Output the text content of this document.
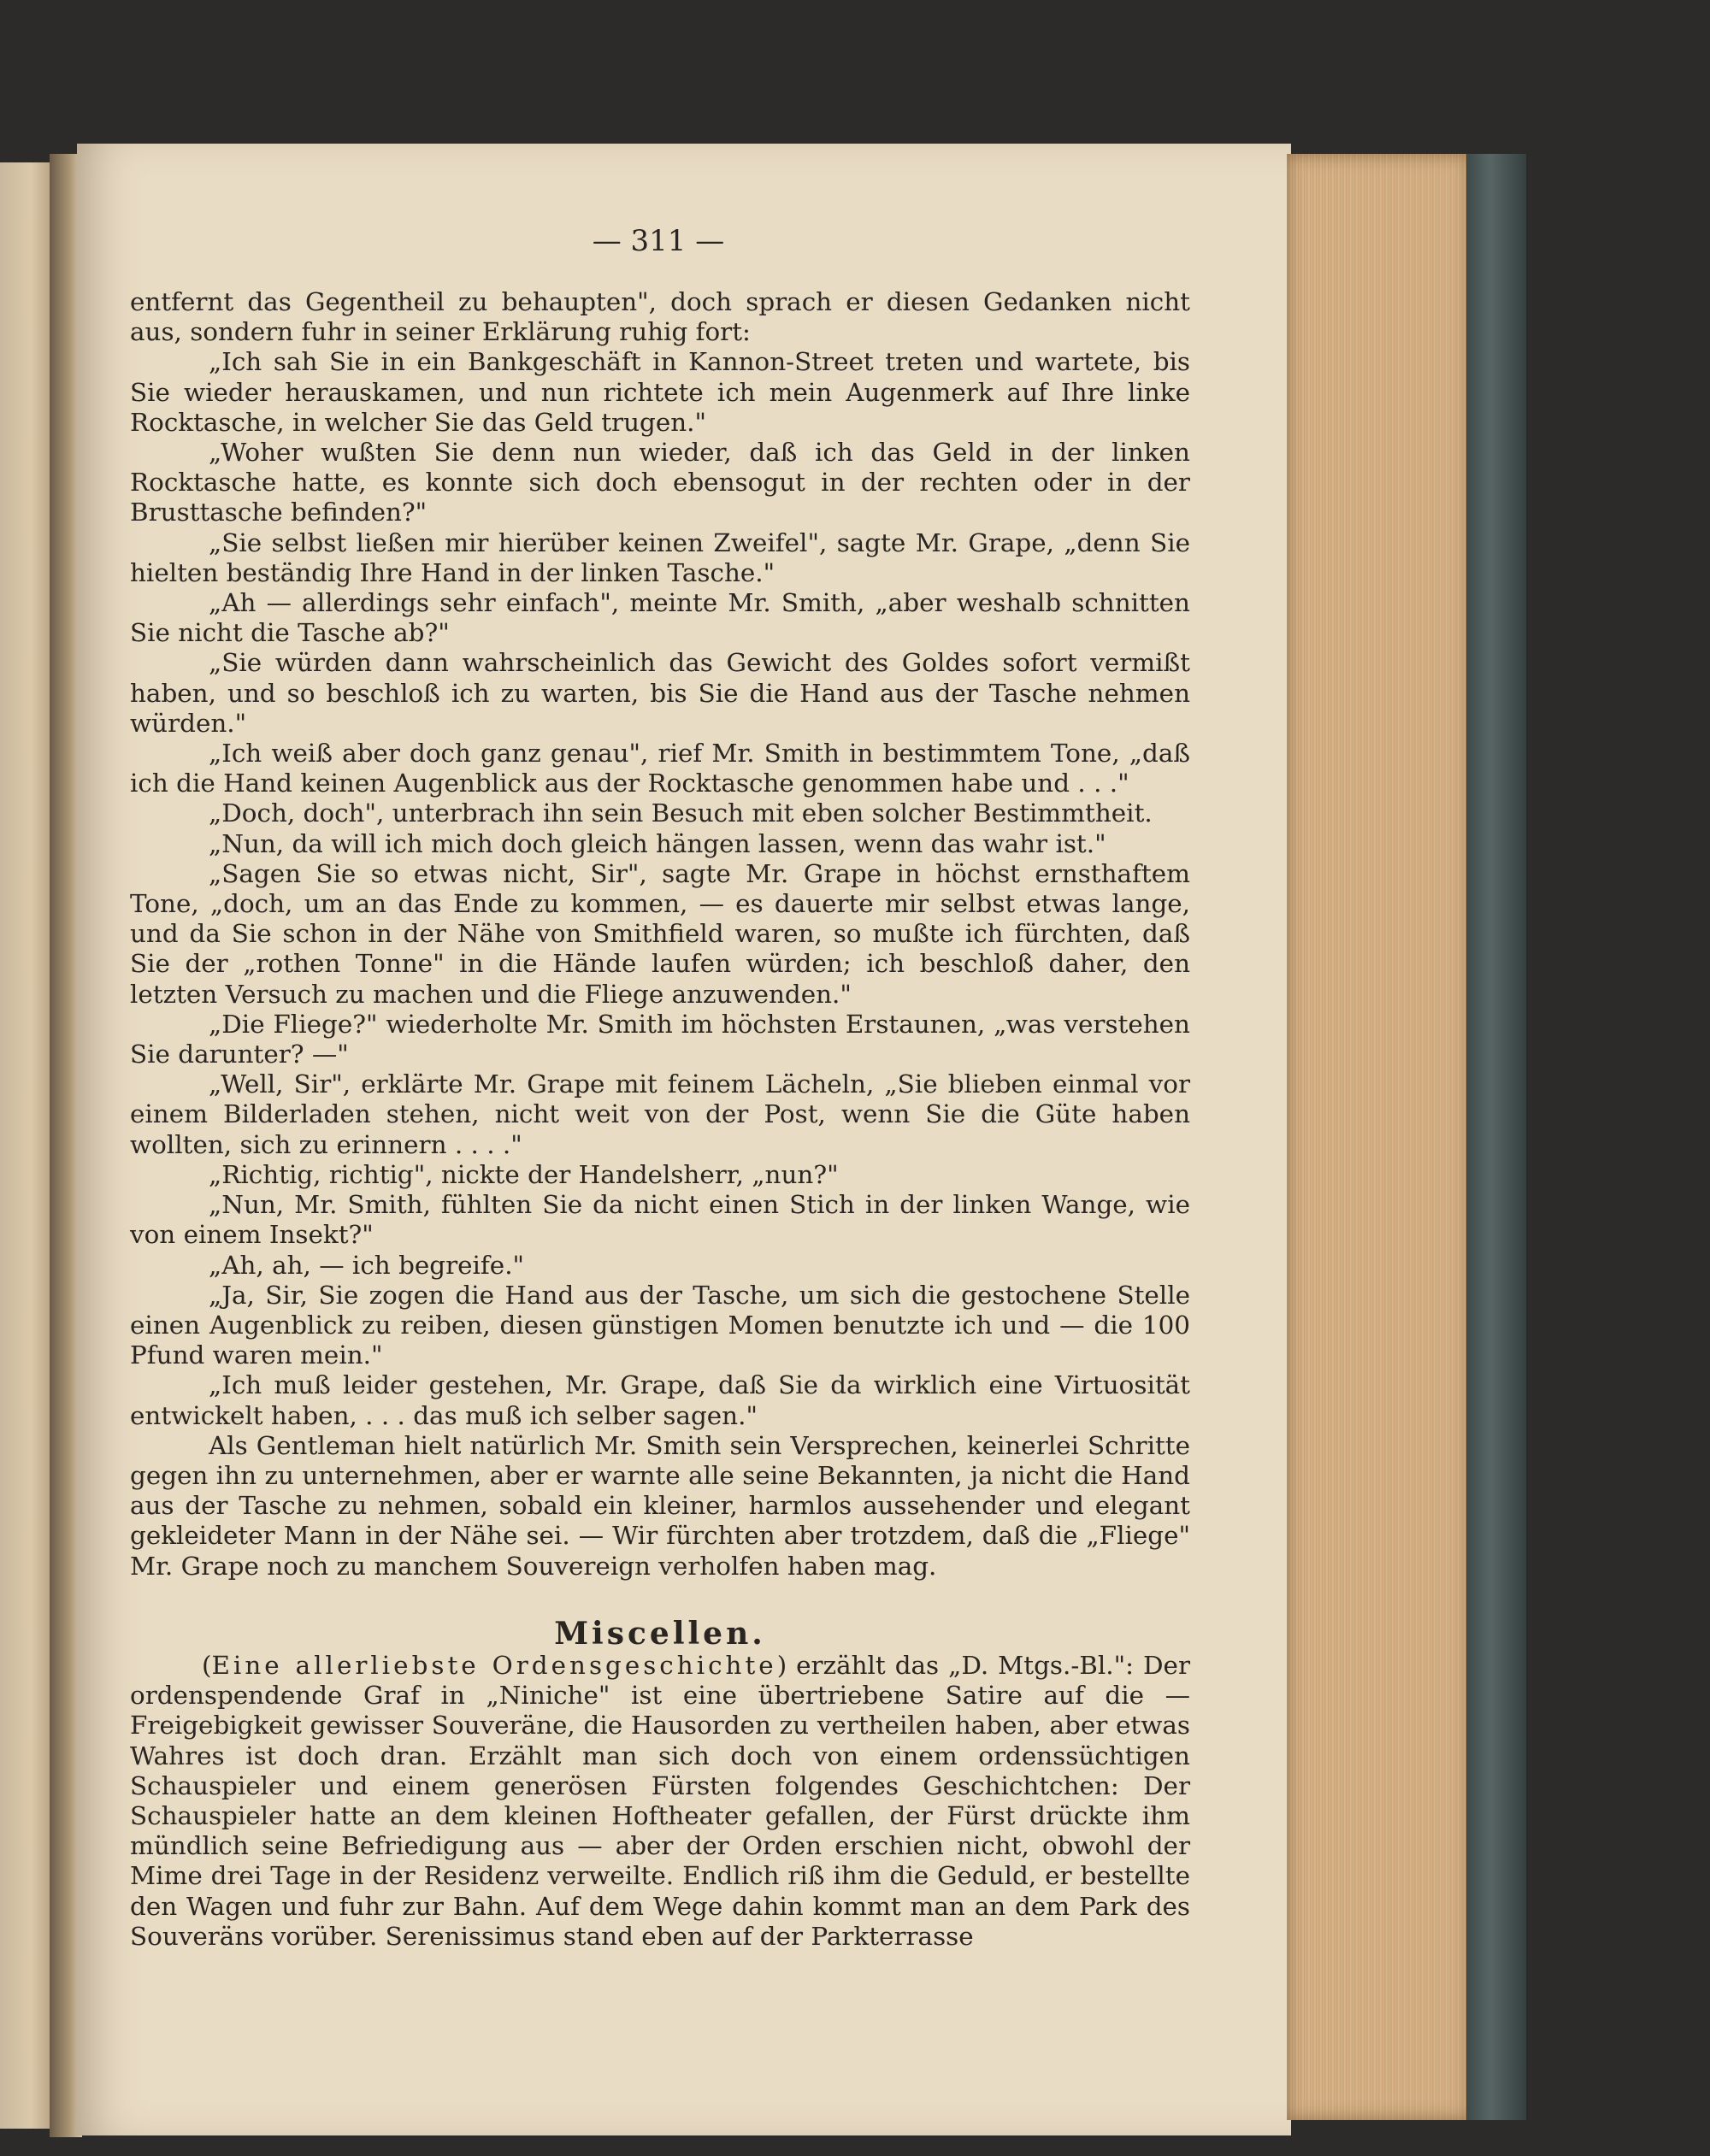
— 311 —

entfernt das Gegentheil zu behaupten", doch sprach er diesen Gedanken nicht aus, sondern fuhr in seiner Erklärung ruhig fort:

„Ich sah Sie in ein Bankgeschäft in Kannon-Street treten und wartete, bis Sie wieder herauskamen, und nun richtete ich mein Augenmerk auf Ihre linke Rocktasche, in welcher Sie das Geld trugen."

„Woher wußten Sie denn nun wieder, daß ich das Geld in der linken Rocktasche hatte, es konnte sich doch ebensogut in der rechten oder in der Brusttasche befinden?"

„Sie selbst ließen mir hierüber keinen Zweifel", sagte Mr. Grape, „denn Sie hielten beständig Ihre Hand in der linken Tasche."

„Ah — allerdings sehr einfach", meinte Mr. Smith, „aber weshalb schnitten Sie nicht die Tasche ab?"

„Sie würden dann wahrscheinlich das Gewicht des Goldes sofort vermißt haben, und so beschloß ich zu warten, bis Sie die Hand aus der Tasche nehmen würden."

„Ich weiß aber doch ganz genau", rief Mr. Smith in bestimmtem Tone, „daß ich die Hand keinen Augenblick aus der Rocktasche genommen habe und . . ."

„Doch, doch", unterbrach ihn sein Besuch mit eben solcher Bestimmtheit.

„Nun, da will ich mich doch gleich hängen lassen, wenn das wahr ist."

„Sagen Sie so etwas nicht, Sir", sagte Mr. Grape in höchst ernsthaftem Tone, „doch, um an das Ende zu kommen, — es dauerte mir selbst etwas lange, und da Sie schon in der Nähe von Smithfield waren, so mußte ich fürchten, daß Sie der „rothen Tonne" in die Hände laufen würden; ich beschloß daher, den letzten Versuch zu machen und die Fliege anzuwenden."

„Die Fliege?" wiederholte Mr. Smith im höchsten Erstaunen, „was verstehen Sie darunter? —"

„Well, Sir", erklärte Mr. Grape mit feinem Lächeln, „Sie blieben einmal vor einem Bilderladen stehen, nicht weit von der Post, wenn Sie die Güte haben wollten, sich zu erinnern . . . ."

„Richtig, richtig", nickte der Handelsherr, „nun?"

„Nun, Mr. Smith, fühlten Sie da nicht einen Stich in der linken Wange, wie von einem Insekt?"

„Ah, ah, — ich begreife."

„Ja, Sir, Sie zogen die Hand aus der Tasche, um sich die gestochene Stelle einen Augenblick zu reiben, diesen günstigen Momen benutzte ich und — die 100 Pfund waren mein."

„Ich muß leider gestehen, Mr. Grape, daß Sie da wirklich eine Virtuosität entwickelt haben, . . . das muß ich selber sagen."

Als Gentleman hielt natürlich Mr. Smith sein Versprechen, keinerlei Schritte gegen ihn zu unternehmen, aber er warnte alle seine Bekannten, ja nicht die Hand aus der Tasche zu nehmen, sobald ein kleiner, harmlos aussehender und elegant gekleideter Mann in der Nähe sei. — Wir fürchten aber trotzdem, daß die „Fliege" Mr. Grape noch zu manchem Souvereign verholfen haben mag.

Miscellen.

(Eine allerliebste Ordensgeschichte) erzählt das „D. Mtgs.-Bl.": Der ordenspendende Graf in „Niniche" ist eine übertriebene Satire auf die — Freigebigkeit gewisser Souveräne, die Hausorden zu vertheilen haben, aber etwas Wahres ist doch dran. Erzählt man sich doch von einem ordenssüchtigen Schauspieler und einem generösen Fürsten folgendes Geschichtchen: Der Schauspieler hatte an dem kleinen Hoftheater gefallen, der Fürst drückte ihm mündlich seine Befriedigung aus — aber der Orden erschien nicht, obwohl der Mime drei Tage in der Residenz verweilte. Endlich riß ihm die Geduld, er bestellte den Wagen und fuhr zur Bahn. Auf dem Wege dahin kommt man an dem Park des Souveräns vorüber. Serenissimus stand eben auf der Parkterrasse
